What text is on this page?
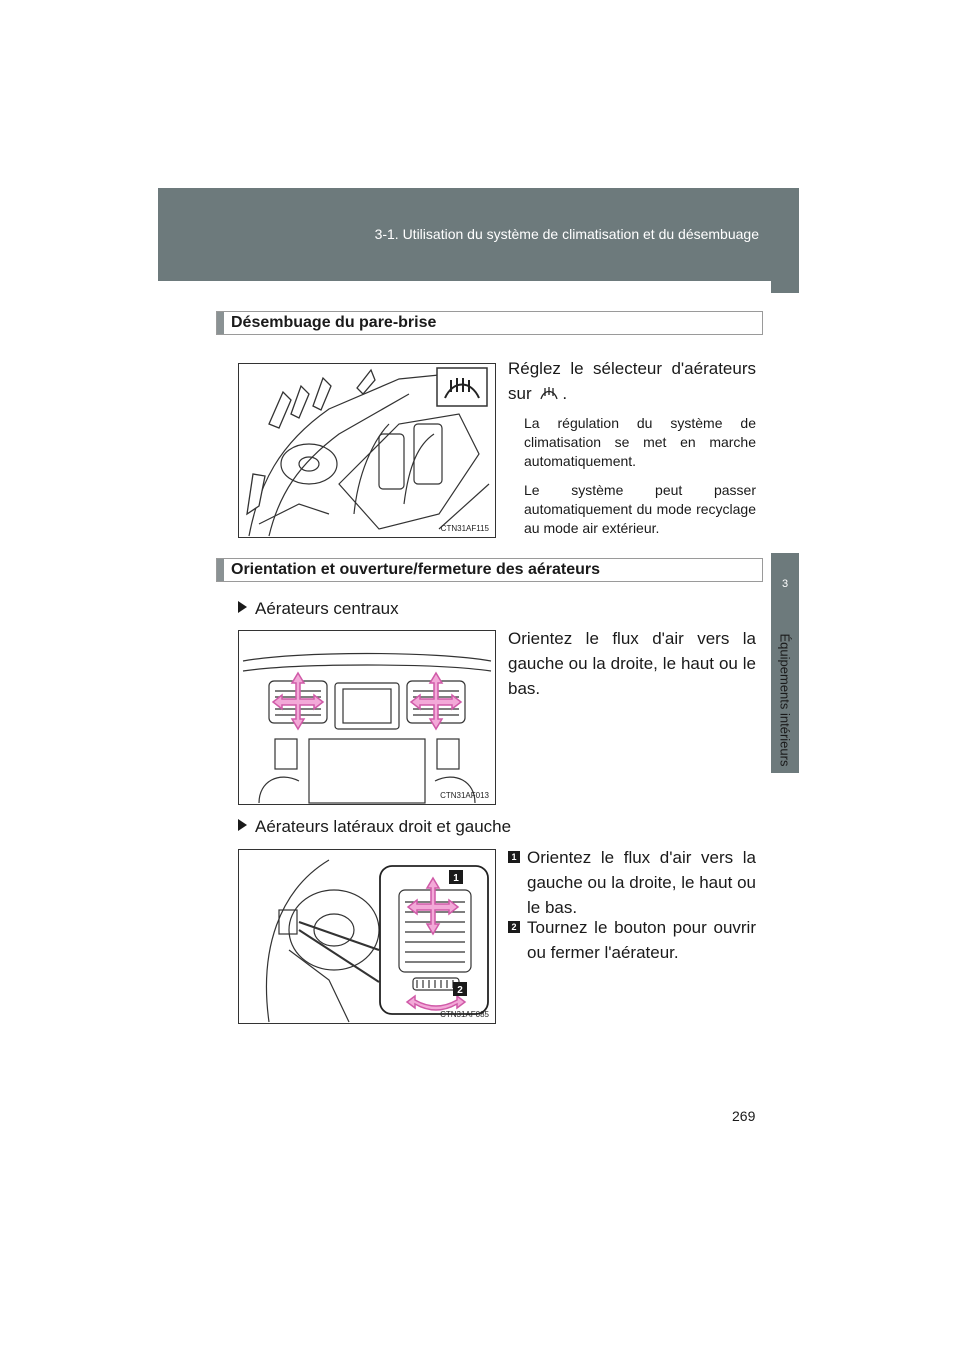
3-1. Utilisation du système de climatisation et du désembuage
3
Équipements intérieurs
Désembuage du pare-brise
CTN31AF115
Réglez le sélecteur d'aérateurs sur .
La régulation du système de climatisation se met en marche automatiquement.
Le système peut passer automatiquement du mode recyclage au mode air extérieur.
Orientation et ouverture/fermeture des aérateurs
Aérateurs centraux
CTN31AF013
Orientez le flux d'air vers la gauche ou la droite, le haut ou le bas.
Aérateurs latéraux droit et gauche
1
2
CTN31AF085
1 Orientez le flux d'air vers la gauche ou la droite, le haut ou le bas.
2 Tournez le bouton pour ouvrir ou fermer l'aérateur.
269
